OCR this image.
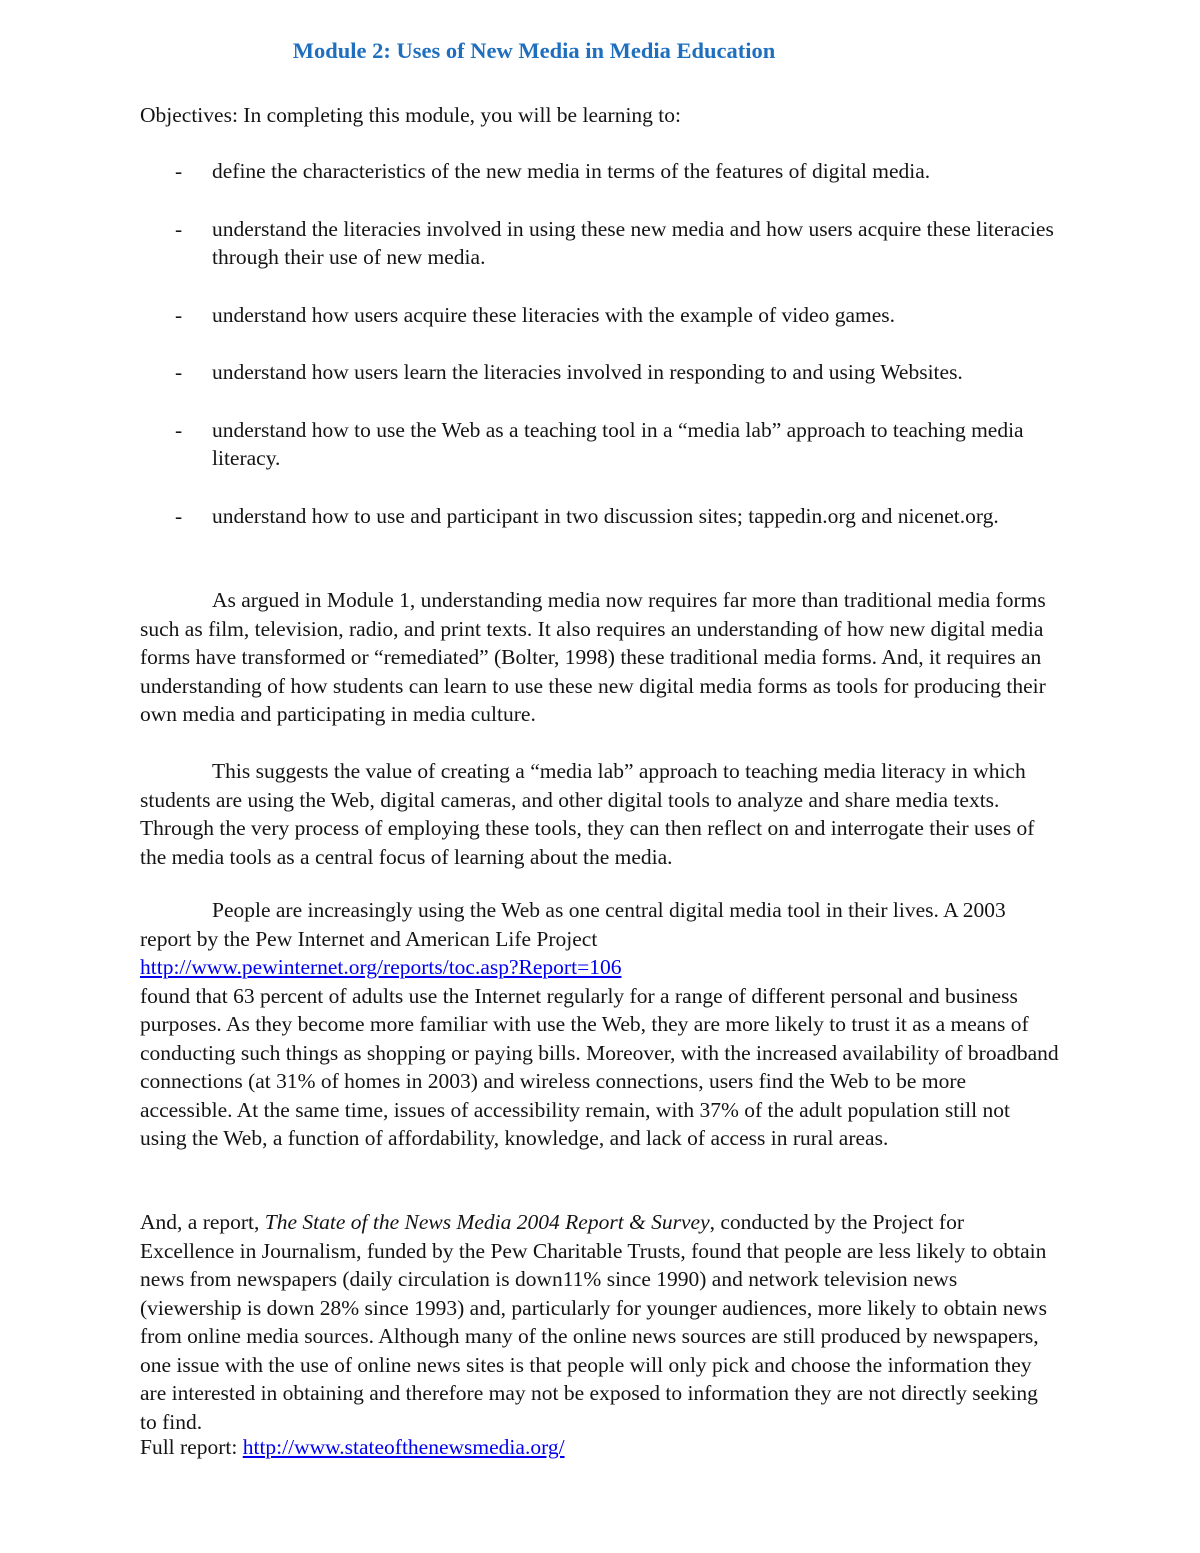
Module 2: Uses of New Media in Media Education
Objectives: In completing this module, you will be learning to:
- define the characteristics of the new media in terms of the features of digital media.
- understand the literacies involved in using these new media and how users acquire these literacies through their use of new media.
- understand how users acquire these literacies with the example of video games.
- understand how users learn the literacies involved in responding to and using Websites.
- understand how to use the Web as a teaching tool in a “media lab” approach to teaching media literacy.
- understand how to use and participant in two discussion sites; tappedin.org and nicenet.org.

As argued in Module 1, understanding media now requires far more than traditional media forms such as film, television, radio, and print texts. It also requires an understanding of how new digital media forms have transformed or “remediated” (Bolter, 1998) these traditional media forms. And, it requires an understanding of how students can learn to use these new digital media forms as tools for producing their own media and participating in media culture.

This suggests the value of creating a “media lab” approach to teaching media literacy in which students are using the Web, digital cameras, and other digital tools to analyze and share media texts. Through the very process of employing these tools, they can then reflect on and interrogate their uses of the media tools as a central focus of learning about the media.

People are increasingly using the Web as one central digital media tool in their lives. A 2003 report by the Pew Internet and American Life Project
http://www.pewinternet.org/reports/toc.asp?Report=106
found that 63 percent of adults use the Internet regularly for a range of different personal and business purposes. As they become more familiar with use the Web, they are more likely to trust it as a means of conducting such things as shopping or paying bills. Moreover, with the increased availability of broadband connections (at 31% of homes in 2003) and wireless connections, users find the Web to be more accessible. At the same time, issues of accessibility remain, with 37% of the adult population still not using the Web, a function of affordability, knowledge, and lack of access in rural areas.

And, a report, The State of the News Media 2004 Report & Survey, conducted by the Project for Excellence in Journalism, funded by the Pew Charitable Trusts, found that people are less likely to obtain news from newspapers (daily circulation is down11% since 1990) and network television news (viewership is down 28% since 1993) and, particularly for younger audiences, more likely to obtain news from online media sources. Although many of the online news sources are still produced by newspapers, one issue with the use of online news sites is that people will only pick and choose the information they are interested in obtaining and therefore may not be exposed to information they are not directly seeking to find.

Full report: http://www.stateofthenewsmedia.org/
